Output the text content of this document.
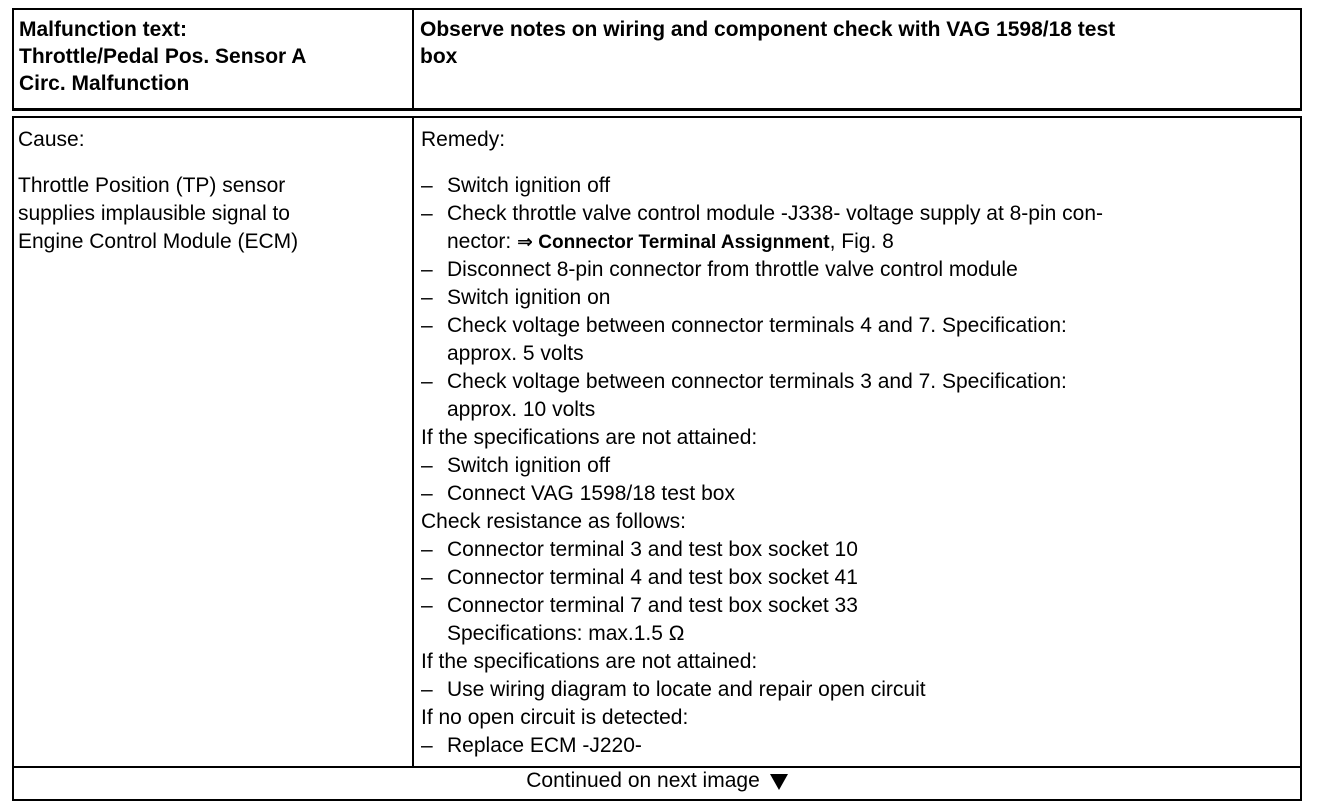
Malfunction text:
Throttle/Pedal Pos. Sensor A
Circ. Malfunction
Observe notes on wiring and component check with VAG 1598/18 test
box
Cause:
Throttle Position (TP) sensor
supplies implausible signal to
Engine Control Module (ECM)
Remedy:
– Switch ignition off
– Check throttle valve control module -J338- voltage supply at 8-pin con-
nector: ⇒ Connector Terminal Assignment, Fig. 8
– Disconnect 8-pin connector from throttle valve control module
– Switch ignition on
– Check voltage between connector terminals 4 and 7. Specification:
approx. 5 volts
– Check voltage between connector terminals 3 and 7. Specification:
approx. 10 volts
If the specifications are not attained:
– Switch ignition off
– Connect VAG 1598/18 test box
Check resistance as follows:
– Connector terminal 3 and test box socket 10
– Connector terminal 4 and test box socket 41
– Connector terminal 7 and test box socket 33
Specifications: max.1.5 Ω
If the specifications are not attained:
– Use wiring diagram to locate and repair open circuit
If no open circuit is detected:
– Replace ECM -J220-
Continued on next image
